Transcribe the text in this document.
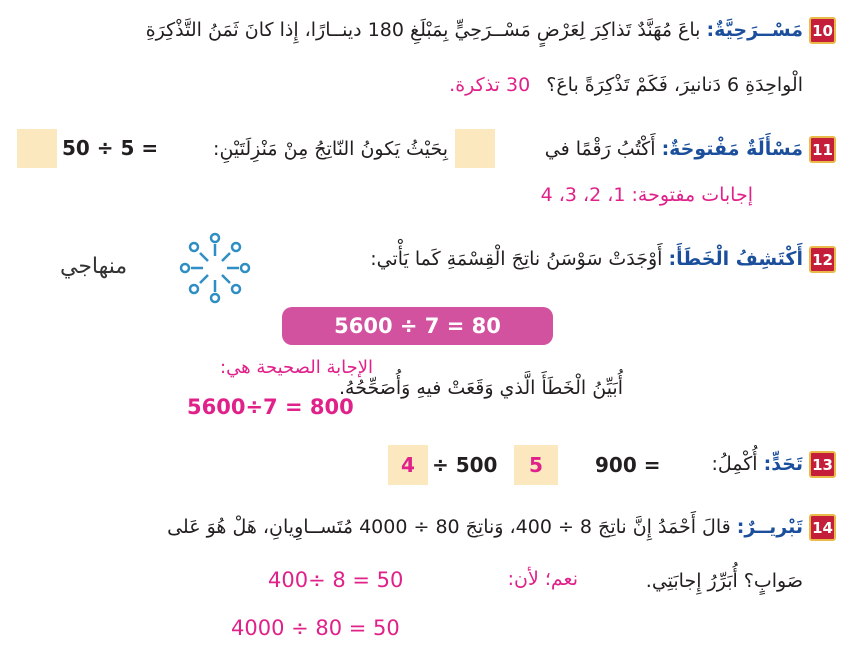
10
مَسْــرَحِيَّةٌ: باعَ مُهَنَّدٌ تَذاكِرَ لِعَرْضٍ مَسْــرَحِيٍّ بِمَبْلَغِ 180 دينــارًا، إِذا كانَ ثَمَنُ التَّذْكِرَةِ
الْواحِدَةِ 6 دَنانيرَ، فَكَمْ تَذْكِرَةً باعَ؟ 30 تذكرة.
11
مَسْأَلَةٌ مَفْتوحَةٌ: أَكْتُبُ رَقْمًا في
بِحَيْثُ يَكونُ النّاتِجُ مِنْ مَنْزِلَتَيْنِ:
50 ÷ 5 =
إجابات مفتوحة: 1، 2، 3، 4
12
أَكْتَشِفُ الْخَطَأَ: أَوْجَدَتْ سَوْسَنُ ناتِجَ الْقِسْمَةِ كَما يَأْتي:
منهاجي
5600 ÷ 7 = 80
أُبَيِّنُ الْخَطَأَ الَّذي وَقَعَتْ فيهِ وَأُصَحِّحُهُ.
الإجابة الصحيحة هي:
5600÷7 = 800
13
تَحَدٍّ: أُكْمِلُ:
900 =
5
÷ 500
4
14
تَبْريــرٌ: قالَ أَحْمَدُ إِنَّ ناتِجَ 8 ÷ 400، وَناتِجَ 80 ÷ 4000 مُتَســاوِيانِ، هَلْ هُوَ عَلى
صَوابٍ؟ أُبَرِّرُ إِجابَتِي.
نعم؛ لأن:
400÷ 8 = 50
4000 ÷ 80 = 50
